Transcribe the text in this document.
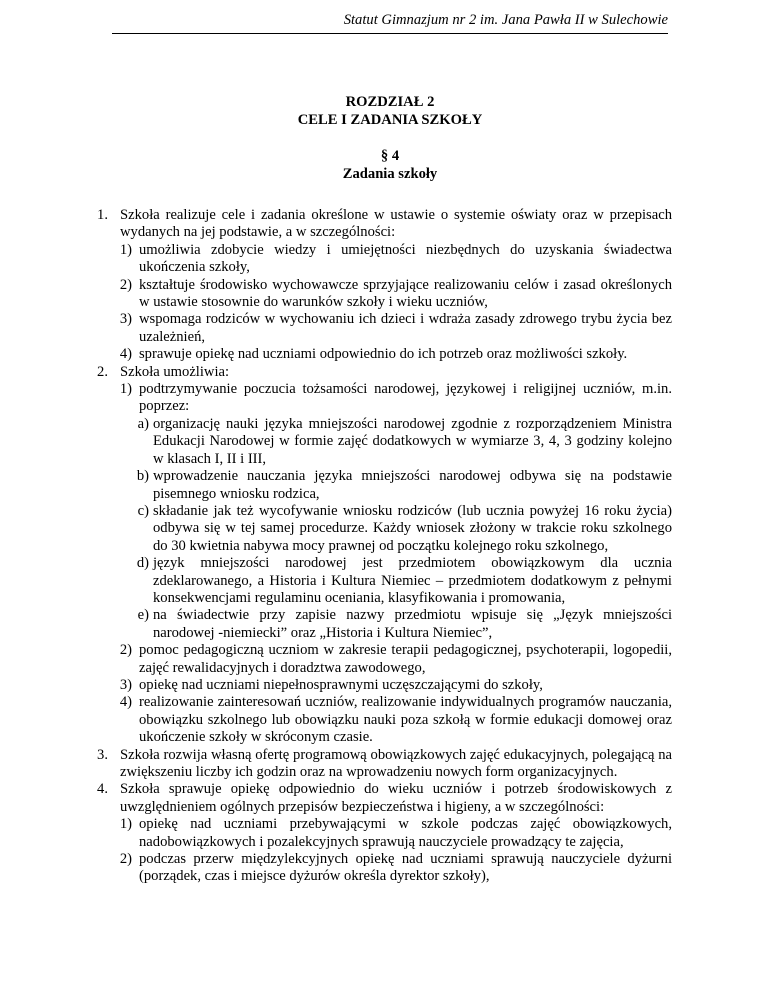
Statut Gimnazjum nr 2 im. Jana Pawła II w Sulechowie
ROZDZIAŁ 2
CELE I ZADANIA SZKOŁY
§ 4
Zadania szkoły
1. Szkoła realizuje cele i zadania określone w ustawie o systemie oświaty oraz w przepisach wydanych na jej podstawie, a w szczególności:
1) umożliwia zdobycie wiedzy i umiejętności niezbędnych do uzyskania świadectwa ukończenia szkoły,
2) kształtuje środowisko wychowawcze sprzyjające realizowaniu celów i zasad określonych w ustawie stosownie do warunków szkoły i wieku uczniów,
3) wspomaga rodziców w wychowaniu ich dzieci i wdraża zasady zdrowego trybu życia bez uzależnień,
4) sprawuje opiekę nad uczniami odpowiednio do ich potrzeb oraz możliwości szkoły.
2. Szkoła umożliwia:
1) podtrzymywanie poczucia tożsamości narodowej, językowej i religijnej uczniów, m.in. poprzez:
a) organizację nauki języka mniejszości narodowej zgodnie z rozporządzeniem Ministra Edukacji Narodowej w formie zajęć dodatkowych w wymiarze 3, 4, 3 godziny kolejno w klasach I, II i III,
b) wprowadzenie nauczania języka mniejszości narodowej odbywa się na podstawie pisemnego wniosku rodzica,
c) składanie jak też wycofywanie wniosku rodziców (lub ucznia powyżej 16 roku życia) odbywa się w tej samej procedurze. Każdy wniosek złożony w trakcie roku szkolnego do 30 kwietnia nabywa mocy prawnej od początku kolejnego roku szkolnego,
d) język mniejszości narodowej jest przedmiotem obowiązkowym dla ucznia zdeklarowanego, a Historia i Kultura Niemiec – przedmiotem dodatkowym z pełnymi konsekwencjami regulaminu oceniania, klasyfikowania i promowania,
e) na świadectwie przy zapisie nazwy przedmiotu wpisuje się „Język mniejszości narodowej -niemiecki” oraz „Historia i Kultura Niemiec”,
2) pomoc pedagogiczną uczniom w zakresie terapii pedagogicznej, psychoterapii, logopedii, zajęć rewalidacyjnych i doradztwa zawodowego,
3) opiekę nad uczniami niepełnosprawnymi uczęszczającymi do szkoły,
4) realizowanie zainteresowań uczniów, realizowanie indywidualnych programów nauczania, obowiązku szkolnego lub obowiązku nauki poza szkołą w formie edukacji domowej oraz ukończenie szkoły w skróconym czasie.
3. Szkoła rozwija własną ofertę programową obowiązkowych zajęć edukacyjnych, polegającą na zwiększeniu liczby ich godzin oraz na wprowadzeniu nowych form organizacyjnych.
4. Szkoła sprawuje opiekę odpowiednio do wieku uczniów i potrzeb środowiskowych z uwzględnieniem ogólnych przepisów bezpieczeństwa i higieny, a w szczególności:
1) opiekę nad uczniami przebywającymi w szkole podczas zajęć obowiązkowych, nadobowiązkowych i pozalekcyjnych sprawują nauczyciele prowadzący te zajęcia,
2) podczas przerw międzylekcyjnych opiekę nad uczniami sprawują nauczyciele dyżurni (porządek, czas i miejsce dyżurów określa dyrektor szkoły),
